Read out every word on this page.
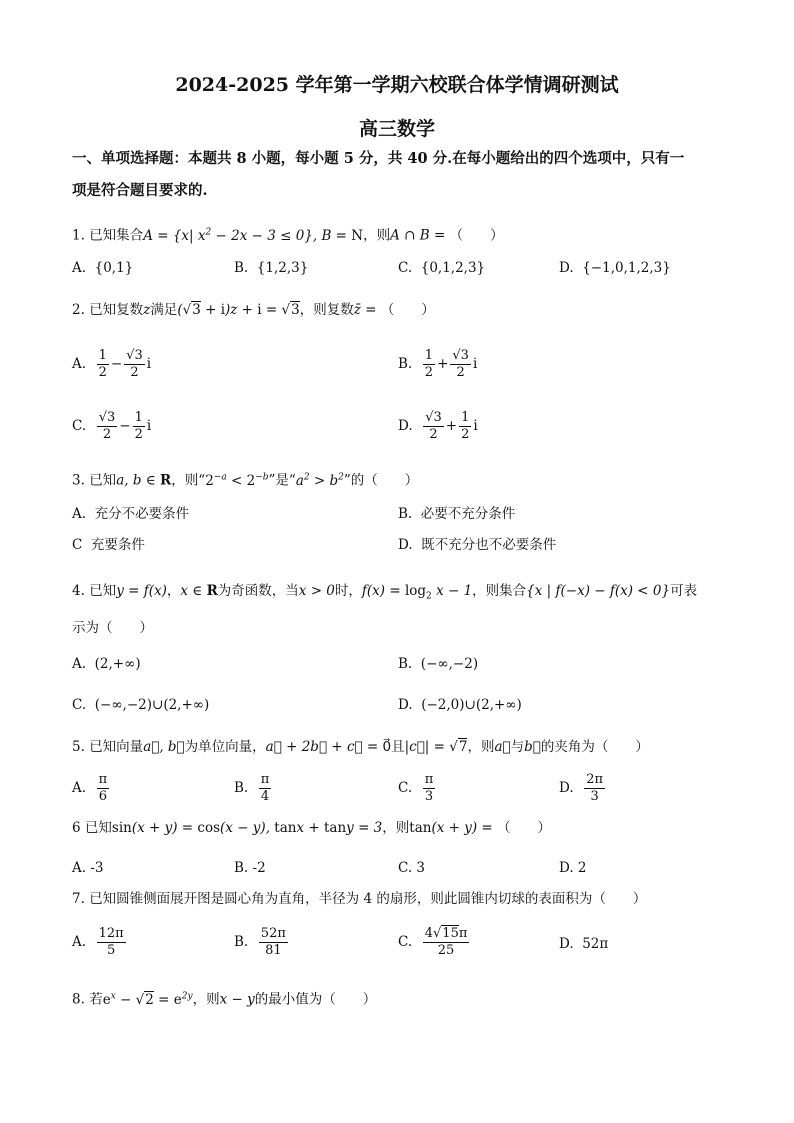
2024-2025 学年第一学期六校联合体学情调研测试
高三数学
一、单项选择题：本题共 8 小题，每小题 5 分，共 40 分.在每小题给出的四个选项中，只有一
项是符合题目要求的.
1. 已知集合A = {x| $x^2 - 2x - 3 \le 0$}, B = N，则A ∩ B = （　　）
A.  {0,1}	B.  {1,2,3}	C.  {0,1,2,3}	D.  {−1,0,1,2,3}
2. 已知复数z满足(√3 + i)z + i = √3，则复数z̄ = （　　）
A. $\frac{1}{2} - \frac{√3}{2}$ i	B. $\frac{1}{2} + \frac{√3}{2}$ i
C. $\frac{√3}{2} - \frac{1}{2}$ i	D. $\frac{√3}{2} + \frac{1}{2}$ i
3. 已知a, b ∈ R，则“$2^{-a} < 2^{-b}$”是“$a^2 > b^2$”的（　　）
A.  充分不必要条件	B.  必要不充分条件
C  充要条件	D.  既不充分也不必要条件
4. 已知y = f(x)，x ∈ R为奇函数，当x > 0时，$f(x) = \log_2 x - 1$，则集合{x | f(−x) − f(x) < 0}可表
示为（　　）
A.  (2,+∞)	B.  (−∞,−2)
C.  (−∞,−2)∪(2,+∞)	D.  (−2,0)∪(2,+∞)
5. 已知向量a⃗, b⃗为单位向量，a⃗ + 2b⃗ + c⃗ = 0⃗且|c⃗| = √7，则a⃗与b⃗的夹角为（　　）
A. $\frac{\pi}{6}$	B. $\frac{\pi}{4}$	C. $\frac{\pi}{3}$	D. $\frac{2\pi}{3}$
6 已知sin(x + y) = cos(x − y), tanx + tany = 3，则tan(x + y) = （　　）
A. -3	B. -2	C. 3	D. 2
7. 已知圆锥侧面展开图是圆心角为直角，半径为 4 的扇形，则此圆锥内切球的表面积为（　　）
A. $\frac{12\pi}{5}$	B. $\frac{52\pi}{81}$	C. $\frac{4√15\pi}{25}$	D.  52π
8. 若$e^x - √2 = e^{2y}$，则x − y的最小值为（　　）
